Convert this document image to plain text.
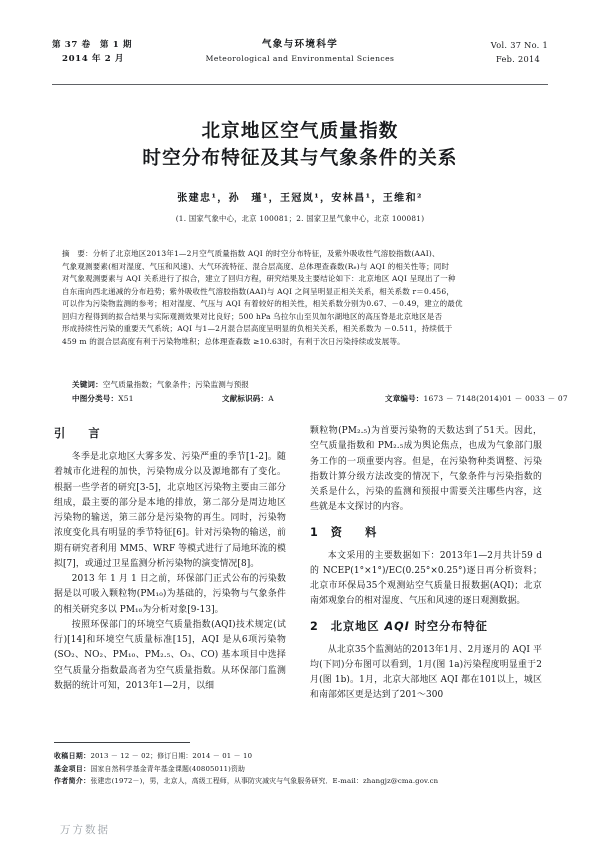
第 37 卷　第 1 期
2014 年 2 月
气象与环境科学
Meteorological and Environmental Sciences
Vol. 37 No. 1
Feb. 2014
北京地区空气质量指数
时空分布特征及其与气象条件的关系
张建忠¹，孙　瑾¹，王冠岚¹，安林昌¹，王维和²
(1. 国家气象中心，北京 100081；2. 国家卫星气象中心，北京 100081)
摘　要：分析了北京地区2013年1—2月空气质量指数 AQI 的时空分布特征，及紫外吸收性气溶胶指数(AAI)、
气象观测要素(相对湿度、气压和风速)、大气环流特征、混合层高度、总体理查森数(Rₑ)与 AQI 的相关性等；同时
对气象观测要素与 AQI 关系进行了拟合，建立了回归方程，研究结果及主要结论如下：北京地区 AQI 呈现出了一种
自东南向西北递减的分布趋势；紫外吸收性气溶胶指数(AAI)与 AQI 之间呈明显正相关关系，相关系数 r＝0.456，
可以作为污染物监测的参考；相对湿度、气压与 AQI 有着较好的相关性，相关系数分别为0.67、－0.49，建立的最优
回归方程得到的拟合结果与实际观测效果对比良好；500 hPa 乌拉尔山至贝加尔湖地区的高压脊是北京地区是否
形成持续性污染的重要天气系统；AQI 与1—2月混合层高度呈明显的负相关关系，相关系数为 －0.511，持续低于
459 m 的混合层高度有利于污染物堆积；总体理查森数 ≥10.63时，有利于次日污染持续或发展等。
关键词：空气质量指数；气象条件；污染监测与预报
中图分类号：X51	文献标识码：A	文章编号：1673 － 7148(2014)01 － 0033 － 07
引　言

冬季是北京地区大雾多发、污染严重的季节[1-2]。随着城市化进程的加快，污染物成分以及源地都有了变化。根据一些学者的研究[3-5]，北京地区污染物主要由三部分组成，最主要的部分是本地的排放，第二部分是周边地区污染物的输送，第三部分是污染物的再生。同时，污染物浓度变化具有明显的季节特征[6]。针对污染物的输送，前期有研究者利用 MM5、WRF 等模式进行了局地环流的模拟[7]，或通过卫星监测分析污染物的演变情况[8]。

2013 年 1 月 1 日之前，环保部门正式公布的污染数据是以可吸入颗粒物(PM₁₀)为基础的，污染物与气象条件的相关研究多以 PM₁₀为分析对象[9-13]。

按照环保部门的环境空气质量指数(AQI)技术规定(试行)[14]和环境空气质量标准[15]，AQI 是从6项污染物(SO₂、NO₂、PM₁₀、PM₂.₅、O₃、CO) 基本项目中选择空气质量分指数最高者为空气质量指数。从环保部门监测数据的统计可知，2013年1—2月，以细

颗粒物(PM₂.₅)为首要污染物的天数达到了51天。因此，空气质量指数和 PM₂.₅成为舆论焦点，也成为气象部门服务工作的一项重要内容。但是，在污染物种类调整、污染指数计算分级方法改变的情况下，气象条件与污染指数的关系是什么，污染的监测和预报中需要关注哪些内容，这些就是本文探讨的内容。

1 资　料

本文采用的主要数据如下：2013年1—2月共计59 d 的 NCEP(1°×1°)/EC(0.25°×0.25°)逐日再分析资料；北京市环保局35个观测站空气质量日报数据(AQI)；北京南郊观象台的相对湿度、气压和风速的逐日观测数据。

2 北京地区 AQI 时空分布特征

从北京35个监测站的2013年1月、2月逐月的 AQI 平均(下同)分布图可以看到，1月(图 1a)污染程度明显重于2月(图 1b)。1月，北京大部地区 AQI 都在101以上，城区和南部郊区更是达到了201～300

收稿日期：2013 － 12 － 02；修订日期：2014 － 01 － 10
基金项目：国家自然科学基金青年基金课题(40805011)资助
作者简介：张建忠(1972－)，男，北京人，高级工程师，从事防灾减灾与气象服务研究．E-mail：zhangjz@cma.gov.cn
万方数据
